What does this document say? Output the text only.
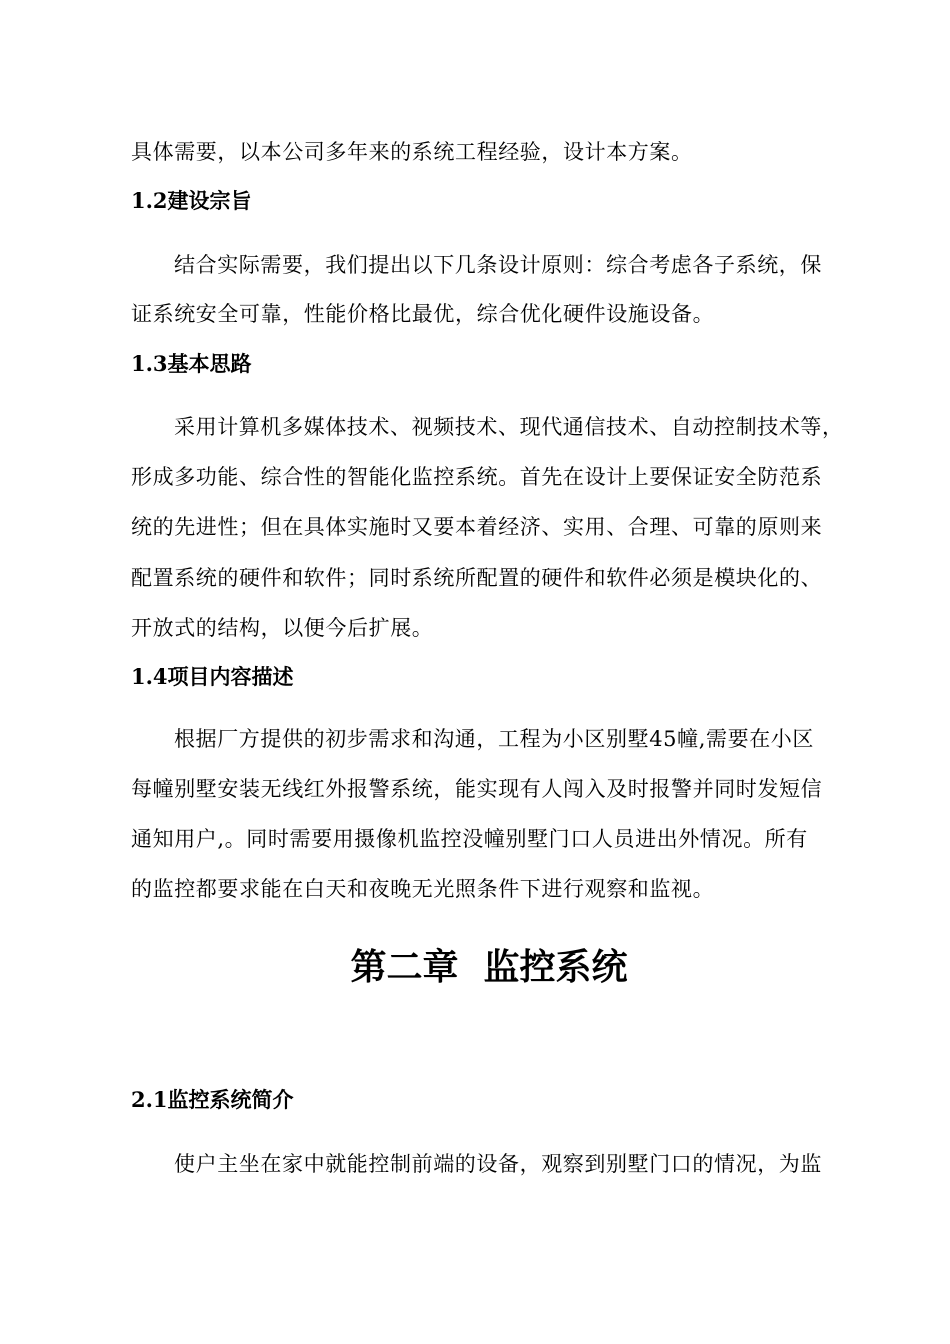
具体需要，以本公司多年来的系统工程经验，设计本方案。
1.2建设宗旨
结合实际需要，我们提出以下几条设计原则：综合考虑各子系统，保
证系统安全可靠，性能价格比最优，综合优化硬件设施设备。
1.3基本思路
采用计算机多媒体技术、视频技术、现代通信技术、自动控制技术等，
形成多功能、综合性的智能化监控系统。首先在设计上要保证安全防范系
统的先进性；但在具体实施时又要本着经济、实用、合理、可靠的原则来
配置系统的硬件和软件；同时系统所配置的硬件和软件必须是模块化的、
开放式的结构，以便今后扩展。
1.4项目内容描述
根据厂方提供的初步需求和沟通，工程为小区别墅45幢,需要在小区
每幢别墅安装无线红外报警系统，能实现有人闯入及时报警并同时发短信
通知用户,。同时需要用摄像机监控没幢别墅门口人员进出外情况。所有
的监控都要求能在白天和夜晚无光照条件下进行观察和监视。
第二章  监控系统
2.1监控系统简介
使户主坐在家中就能控制前端的设备，观察到别墅门口的情况，为监
